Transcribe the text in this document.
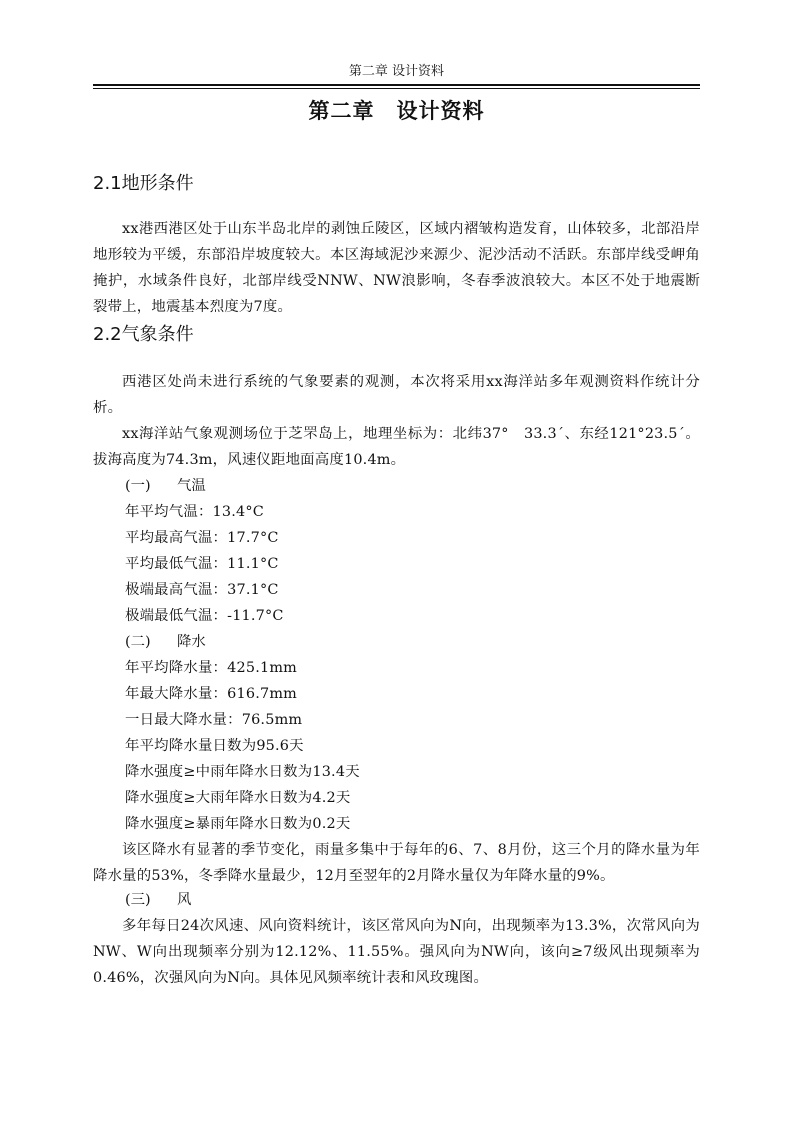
第二章 设计资料
第二章　设计资料
2.1地形条件

xx港西港区处于山东半岛北岸的剥蚀丘陵区，区域内褶皱构造发育，山体较多，北部沿岸地形较为平缓，东部沿岸坡度较大。本区海域泥沙来源少、泥沙活动不活跃。东部岸线受岬角掩护，水域条件良好，北部岸线受NNW、NW浪影响，冬春季波浪较大。本区不处于地震断裂带上，地震基本烈度为7度。

2.2气象条件

西港区处尚未进行系统的气象要素的观测，本次将采用xx海洋站多年观测资料作统计分析。

xx海洋站气象观测场位于芝罘岛上，地理坐标为：北纬37°　33.3´、东经121°23.5´。拔海高度为74.3m，风速仪距地面高度10.4m。

(一) 气温
年平均气温：13.4°C
平均最高气温：17.7°C
平均最低气温：11.1°C
极端最高气温：37.1°C
极端最低气温：-11.7°C
(二) 降水
年平均降水量：425.1mm
年最大降水量：616.7mm
一日最大降水量：76.5mm
年平均降水量日数为95.6天
降水强度≥中雨年降水日数为13.4天
降水强度≥大雨年降水日数为4.2天
降水强度≥暴雨年降水日数为0.2天

该区降水有显著的季节变化，雨量多集中于每年的6、7、8月份，这三个月的降水量为年降水量的53%，冬季降水量最少，12月至翌年的2月降水量仅为年降水量的9%。

(三) 风

多年每日24次风速、风向资料统计，该区常风向为N向，出现频率为13.3%，次常风向为NW、W向出现频率分别为12.12%、11.55%。强风向为NW向，该向≥7级风出现频率为0.46%，次强风向为N向。具体见风频率统计表和风玫瑰图。
